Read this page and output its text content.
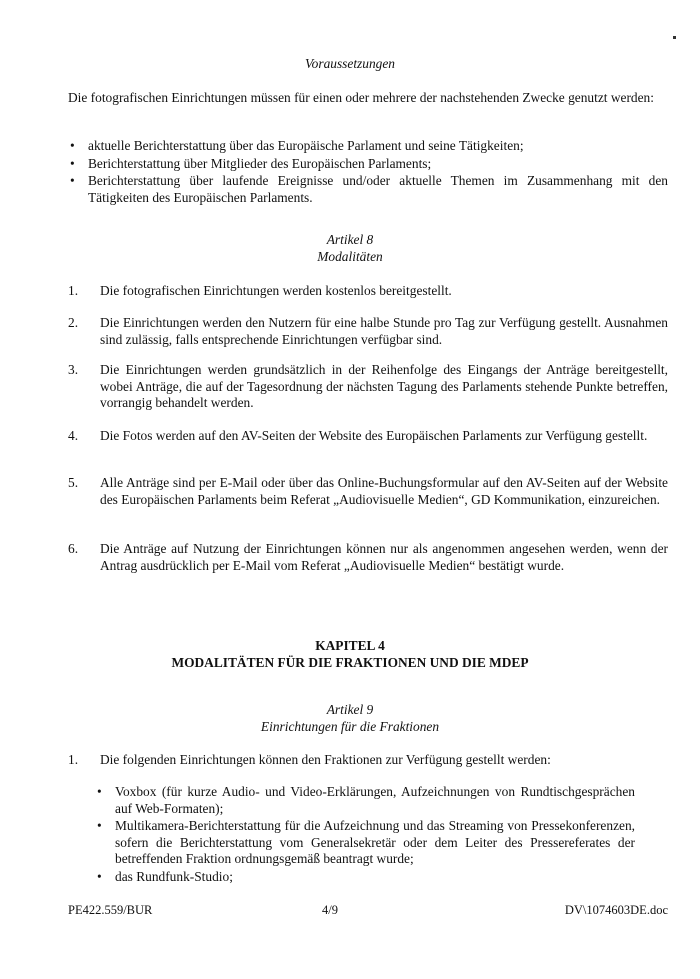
Voraussetzungen
Die fotografischen Einrichtungen müssen für einen oder mehrere der nachstehenden Zwecke genutzt werden:
• aktuelle Berichterstattung über das Europäische Parlament und seine Tätigkeiten;
• Berichterstattung über Mitglieder des Europäischen Parlaments;
• Berichterstattung über laufende Ereignisse und/oder aktuelle Themen im Zusammenhang mit den Tätigkeiten des Europäischen Parlaments.
Artikel 8
Modalitäten
1. Die fotografischen Einrichtungen werden kostenlos bereitgestellt.
2. Die Einrichtungen werden den Nutzern für eine halbe Stunde pro Tag zur Verfügung gestellt. Ausnahmen sind zulässig, falls entsprechende Einrichtungen verfügbar sind.
3. Die Einrichtungen werden grundsätzlich in der Reihenfolge des Eingangs der Anträge bereitgestellt, wobei Anträge, die auf der Tagesordnung der nächsten Tagung des Parlaments stehende Punkte betreffen, vorrangig behandelt werden.
4. Die Fotos werden auf den AV-Seiten der Website des Europäischen Parlaments zur Verfügung gestellt.
5. Alle Anträge sind per E-Mail oder über das Online-Buchungsformular auf den AV-Seiten auf der Website des Europäischen Parlaments beim Referat „Audiovisuelle Medien“, GD Kommunikation, einzureichen.
6. Die Anträge auf Nutzung der Einrichtungen können nur als angenommen angesehen werden, wenn der Antrag ausdrücklich per E-Mail vom Referat „Audiovisuelle Medien“ bestätigt wurde.
KAPITEL 4
MODALITÄTEN FÜR DIE FRAKTIONEN UND DIE MDEP
Artikel 9
Einrichtungen für die Fraktionen
1. Die folgenden Einrichtungen können den Fraktionen zur Verfügung gestellt werden:
• Voxbox (für kurze Audio- und Video-Erklärungen, Aufzeichnungen von Rundtischgesprächen auf Web-Formaten);
• Multikamera-Berichterstattung für die Aufzeichnung und das Streaming von Pressekonferenzen, sofern die Berichterstattung vom Generalsekretär oder dem Leiter des Pressereferates der betreffenden Fraktion ordnungsgemäß beantragt wurde;
• das Rundfunk-Studio;
PE422.559/BUR	4/9	DV\1074603DE.doc
